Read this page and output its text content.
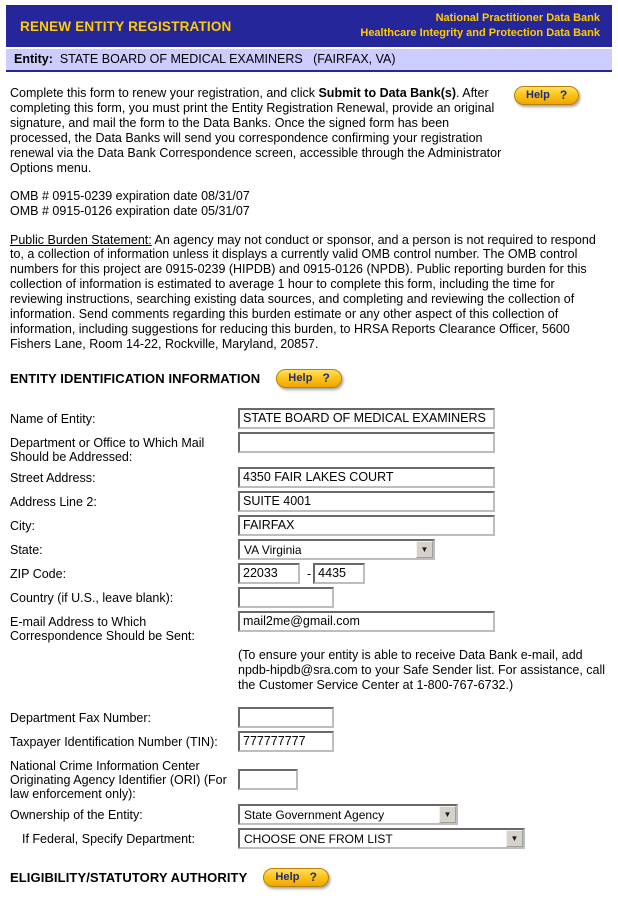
RENEW ENTITY REGISTRATION
National Practitioner Data Bank
Healthcare Integrity and Protection Data Bank
Entity:  STATE BOARD OF MEDICAL EXAMINERS   (FAIRFAX, VA)
Complete this form to renew your registration, and click Submit to Data Bank(s). After completing this form, you must print the Entity Registration Renewal, provide an original signature, and mail the form to the Data Banks. Once the signed form has been processed, the Data Banks will send you correspondence confirming your registration renewal via the Data Bank Correspondence screen, accessible through the Administrator Options menu.
Help ?
OMB # 0915-0239 expiration date 08/31/07
OMB # 0915-0126 expiration date 05/31/07
Public Burden Statement: An agency may not conduct or sponsor, and a person is not required to respond to, a collection of information unless it displays a currently valid OMB control number. The OMB control numbers for this project are 0915-0239 (HIPDB) and 0915-0126 (NPDB). Public reporting burden for this collection of information is estimated to average 1 hour to complete this form, including the time for reviewing instructions, searching existing data sources, and completing and reviewing the collection of information. Send comments regarding this burden estimate or any other aspect of this collection of information, including suggestions for reducing this burden, to HRSA Reports Clearance Officer, 5600 Fishers Lane, Room 14-22, Rockville, Maryland, 20857.
ENTITY IDENTIFICATION INFORMATION	Help ?
Name of Entity:
STATE BOARD OF MEDICAL EXAMINERS
Department or Office to Which Mail Should be Addressed:
Street Address:
4350 FAIR LAKES COURT
Address Line 2:
SUITE 4001
City:
FAIRFAX
State:	VA Virginia	▼
ZIP Code:
22033	-
4435
Country (if U.S., leave blank):
E-mail Address to Which Correspondence Should be Sent:
mail2me@gmail.com
(To ensure your entity is able to receive Data Bank e-mail, add npdb-hipdb@sra.com to your Safe Sender list. For assistance, call the Customer Service Center at 1-800-767-6732.)
Department Fax Number:
Taxpayer Identification Number (TIN):
777777777
National Crime Information Center Originating Agency Identifier (ORI) (For law enforcement only):
Ownership of the Entity:	State Government Agency	▼
If Federal, Specify Department:	CHOOSE ONE FROM LIST	▼
ELIGIBILITY/STATUTORY AUTHORITY	Help ?
